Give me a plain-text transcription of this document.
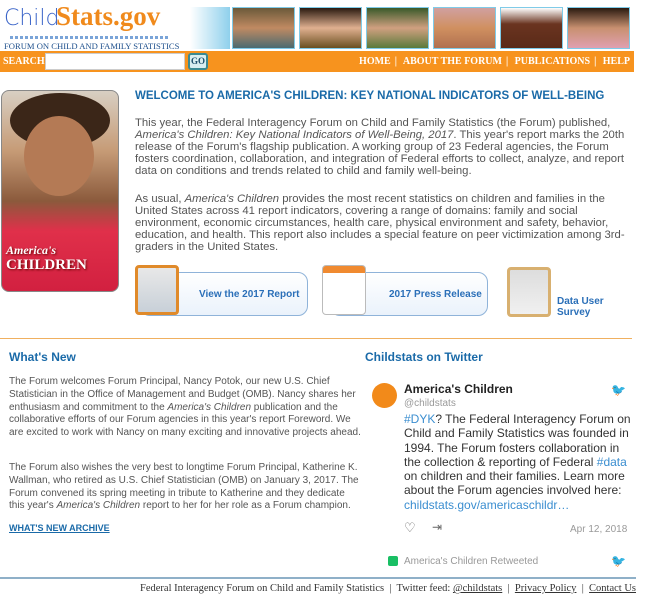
Child
Stats.gov
FORUM ON CHILD AND FAMILY STATISTICS
SEARCH	GO	HOME | ABOUT THE FORUM | PUBLICATIONS | HELP
America's
CHILDREN
WELCOME TO AMERICA'S CHILDREN: KEY NATIONAL INDICATORS OF WELL-BEING

This year, the Federal Interagency Forum on Child and Family Statistics (the Forum) published, America's Children: Key National Indicators of Well-Being, 2017. This year's report marks the 20th release of the Forum's flagship publication. A working group of 23 Federal agencies, the Forum fosters coordination, collaboration, and integration of Federal efforts to collect, analyze, and report data on conditions and trends related to child and family well-being.

As usual, America's Children provides the most recent statistics on children and families in the United States across 41 report indicators, covering a range of domains: family and social environment, economic circumstances, health care, physical environment and safety, behavior, education, and health. This report also includes a special feature on peer victimization among 3rd- graders in the United States.

View the 2017 Report	2017 Press Release
Data User
Survey
What's New

The Forum welcomes Forum Principal, Nancy Potok, our new U.S. Chief Statistician in the Office of Management and Budget (OMB). Nancy shares her enthusiasm and commitment to the America's Children publication and the collaborative efforts of our Forum agencies in this year's report Foreword. We are excited to work with Nancy on many exciting and innovative projects ahead.

The Forum also wishes the very best to longtime Forum Principal, Katherine K. Wallman, who retired as U.S. Chief Statistician (OMB) on January 3, 2017. The Forum convened its spring meeting in tribute to Katherine and they dedicate this year's America's Children report to her for her role as a Forum champion.

WHAT'S NEW ARCHIVE
Childstats on Twitter
America's Children
@childstats
🐦

#DYK? The Federal Interagency Forum on Child and Family Statistics was founded in 1994. The Forum fosters collaboration in the collection & reporting of Federal #data on children and their families. Learn more about the Forum agencies involved here: childstats.gov/americaschildr…

♡ ⇥	Apr 12, 2018
America's Children Retweeted	🐦
Federal Interagency Forum on Child and Family Statistics  |  Twitter feed: @childstats  |  Privacy Policy  |  Contact Us
